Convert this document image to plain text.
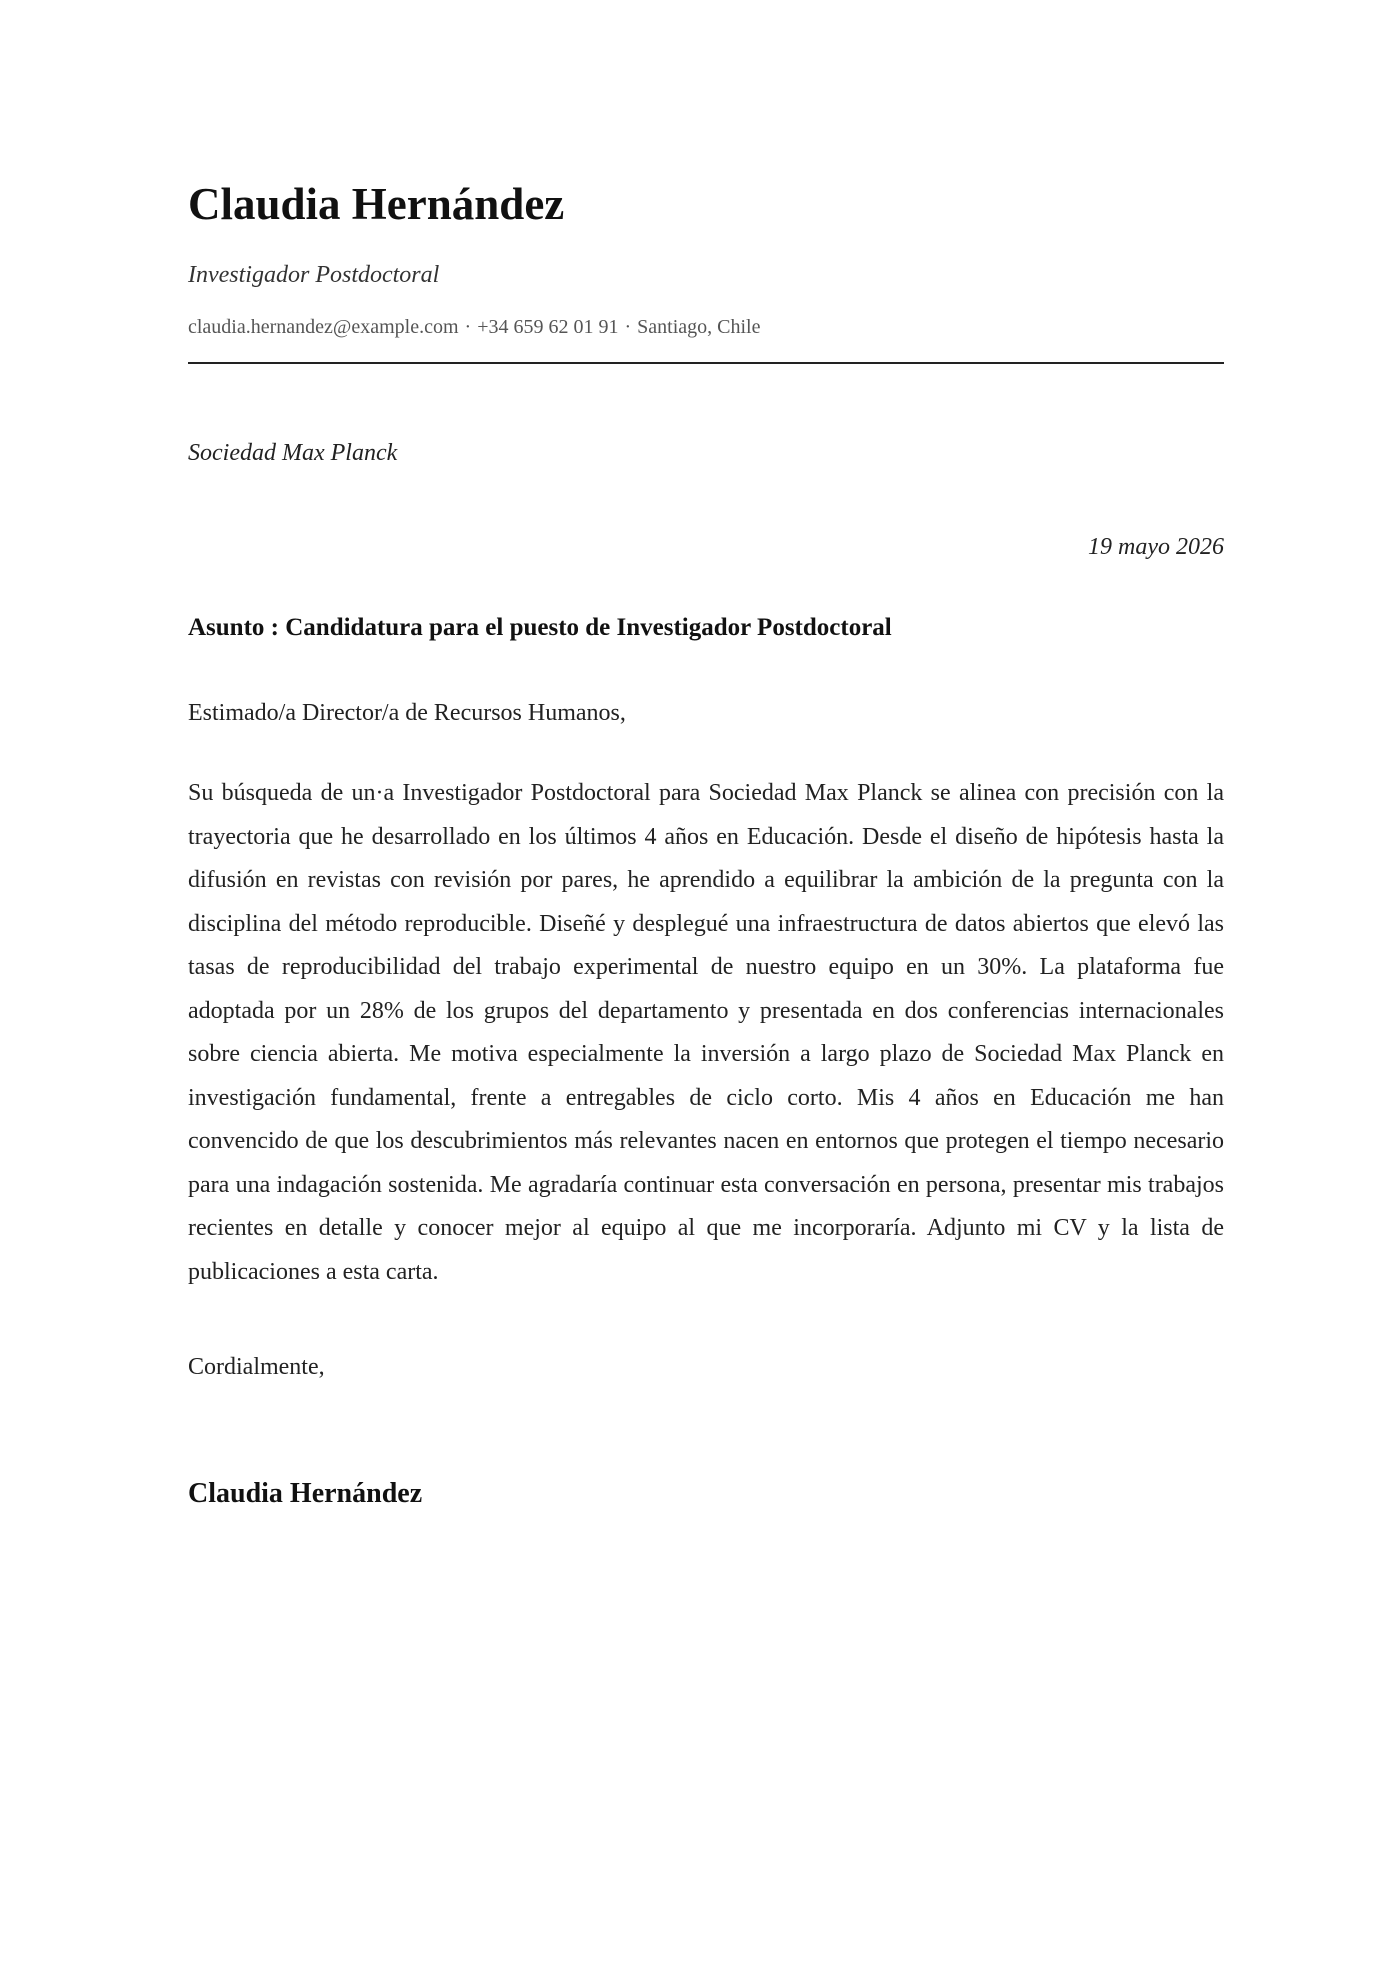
Claudia Hernández

Investigador Postdoctoral

claudia.hernandez@example.com · +34 659 62 01 91 · Santiago, Chile

Sociedad Max Planck

19 mayo 2026

Asunto : Candidatura para el puesto de Investigador Postdoctoral

Estimado/a Director/a de Recursos Humanos,

Su búsqueda de un·a Investigador Postdoctoral para Sociedad Max Planck se alinea con precisión con la trayectoria que he desarrollado en los últimos 4 años en Educación. Desde el diseño de hipótesis hasta la difusión en revistas con revisión por pares, he aprendido a equilibrar la ambición de la pregunta con la disciplina del método reproducible. Diseñé y desplegué una infraestructura de datos abiertos que elevó las tasas de reproducibilidad del trabajo experimental de nuestro equipo en un 30%. La plataforma fue adoptada por un 28% de los grupos del departamento y presentada en dos conferencias internacionales sobre ciencia abierta. Me motiva especialmente la inversión a largo plazo de Sociedad Max Planck en investigación fundamental, frente a entregables de ciclo corto. Mis 4 años en Educación me han convencido de que los descubrimientos más relevantes nacen en entornos que protegen el tiempo necesario para una indagación sostenida. Me agradaría continuar esta conversación en persona, presentar mis trabajos recientes en detalle y conocer mejor al equipo al que me incorporaría. Adjunto mi CV y la lista de publicaciones a esta carta.

Cordialmente,

Claudia Hernández
